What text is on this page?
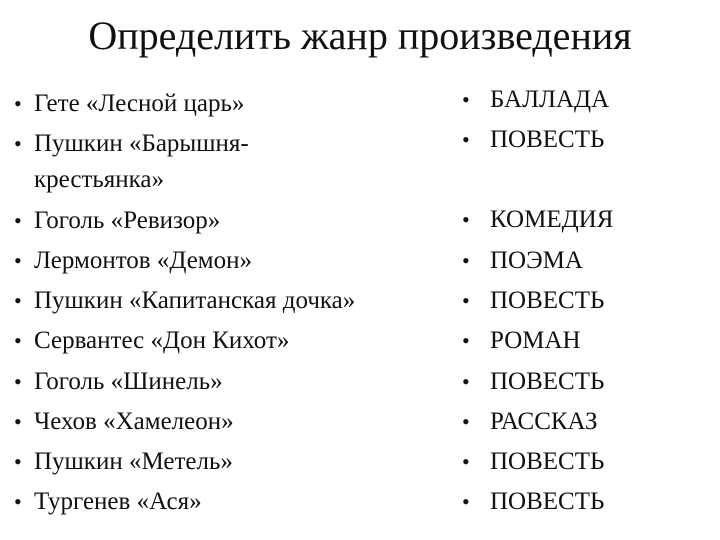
Определить жанр произведения
• Гете «Лесной царь»
• Пушкин «Барышня-
крестьянка»
• Гоголь «Ревизор»
• Лермонтов «Демон»
• Пушкин «Капитанская дочка»
• Сервантес «Дон Кихот»
• Гоголь «Шинель»
• Чехов «Хамелеон»
• Пушкин «Метель»
• Тургенев «Ася»
• БАЛЛАДА
• ПОВЕСТЬ
• КОМЕДИЯ
• ПОЭМА
• ПОВЕСТЬ
• РОМАН
• ПОВЕСТЬ
• РАССКАЗ
• ПОВЕСТЬ
• ПОВЕСТЬ
